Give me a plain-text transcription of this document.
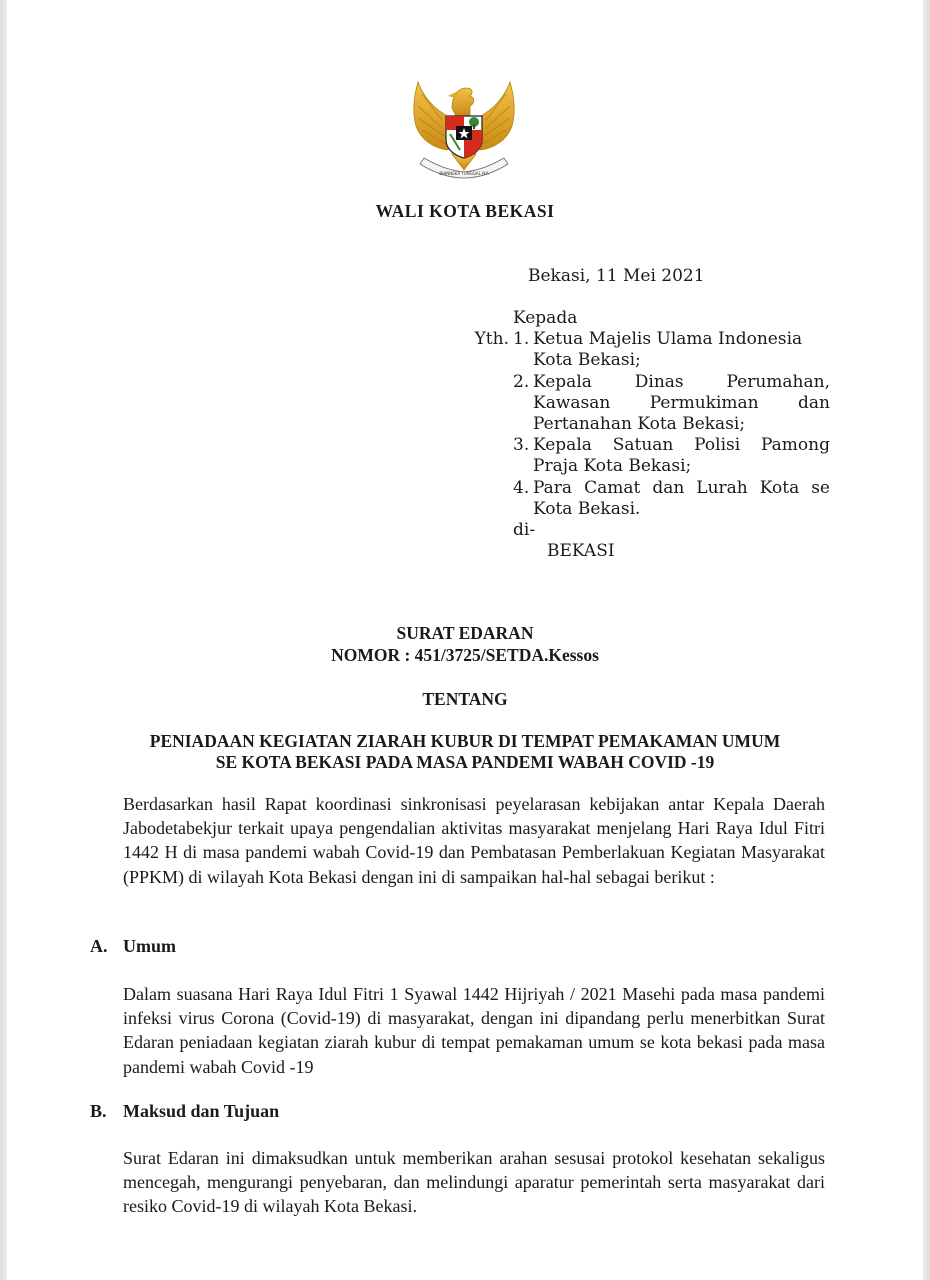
BHINNEKA TUNGGAL IKA
WALI KOTA BEKASI
Bekasi, 11 Mei 2021
Kepada
Yth. 1. Ketua Majelis Ulama Indonesia
Kota Bekasi;
2. Kepala Dinas Perumahan,
Kawasan Permukiman dan
Pertanahan Kota Bekasi;
3. Kepala Satuan Polisi Pamong
Praja Kota Bekasi;
4. Para Camat dan Lurah Kota se
Kota Bekasi.
di-
BEKASI
SURAT EDARAN
NOMOR : 451/3725/SETDA.Kessos
TENTANG
PENIADAAN KEGIATAN ZIARAH KUBUR DI TEMPAT PEMAKAMAN UMUM
SE KOTA BEKASI PADA MASA PANDEMI WABAH COVID -19
Berdasarkan hasil Rapat koordinasi sinkronisasi peyelarasan kebijakan antar Kepala Daerah Jabodetabekjur terkait upaya pengendalian aktivitas masyarakat menjelang Hari Raya Idul Fitri 1442 H di masa pandemi wabah Covid-19 dan Pembatasan Pemberlakuan Kegiatan Masyarakat (PPKM) di wilayah Kota Bekasi dengan ini di sampaikan hal-hal sebagai berikut :
A. Umum
Dalam suasana Hari Raya Idul Fitri 1 Syawal 1442 Hijriyah / 2021 Masehi pada masa pandemi infeksi virus Corona (Covid-19) di masyarakat, dengan ini dipandang perlu menerbitkan Surat Edaran peniadaan kegiatan ziarah kubur di tempat pemakaman umum se kota bekasi pada masa pandemi wabah Covid -19
B. Maksud dan Tujuan
Surat Edaran ini dimaksudkan untuk memberikan arahan sesusai protokol kesehatan sekaligus mencegah, mengurangi penyebaran, dan melindungi aparatur pemerintah serta masyarakat dari resiko Covid-19 di wilayah Kota Bekasi.
